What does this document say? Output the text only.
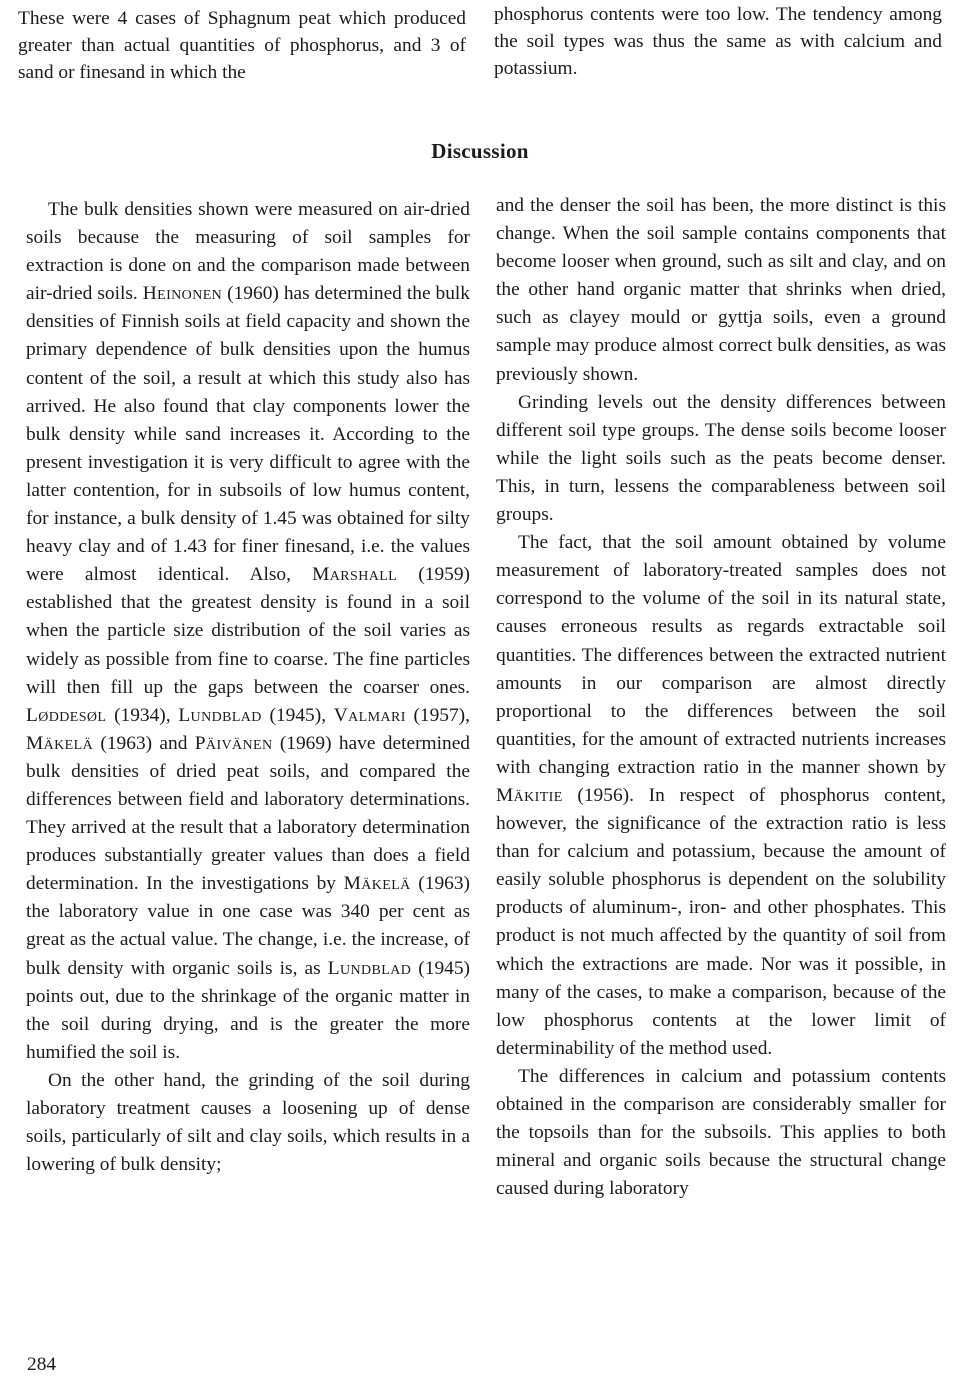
These were 4 cases of Sphagnum peat which produced greater than actual quantities of phosphorus, and 3 of sand or finesand in which the

phosphorus contents were too low. The tendency among the soil types was thus the same as with calcium and potassium.

Discussion

The bulk densities shown were measured on air-dried soils because the measuring of soil samples for extraction is done on and the comparison made between air-dried soils. Heinonen (1960) has determined the bulk densities of Finnish soils at field capacity and shown the primary dependence of bulk densities upon the humus content of the soil, a result at which this study also has arrived. He also found that clay components lower the bulk density while sand increases it. According to the present investigation it is very difficult to agree with the latter contention, for in subsoils of low humus content, for instance, a bulk density of 1.45 was obtained for silty heavy clay and of 1.43 for finer finesand, i.e. the values were almost identical. Also, Marshall (1959) established that the greatest density is found in a soil when the particle size distribution of the soil varies as widely as possible from fine to coarse. The fine particles will then fill up the gaps between the coarser ones. Løddesøl (1934), Lundblad (1945), Valmari (1957), Mäkelä (1963) and Päivänen (1969) have determined bulk densities of dried peat soils, and compared the differences between field and laboratory determinations. They arrived at the result that a laboratory determination produces substantially greater values than does a field determination. In the investigations by Mäkelä (1963) the laboratory value in one case was 340 per cent as great as the actual value. The change, i.e. the increase, of bulk density with organic soils is, as Lundblad (1945) points out, due to the shrinkage of the organic matter in the soil during drying, and is the greater the more humified the soil is.

On the other hand, the grinding of the soil during laboratory treatment causes a loosening up of dense soils, particularly of silt and clay soils, which results in a lowering of bulk density;

and the denser the soil has been, the more distinct is this change. When the soil sample contains components that become looser when ground, such as silt and clay, and on the other hand organic matter that shrinks when dried, such as clayey mould or gyttja soils, even a ground sample may produce almost correct bulk densities, as was previously shown.

Grinding levels out the density differences between different soil type groups. The dense soils become looser while the light soils such as the peats become denser. This, in turn, lessens the comparableness between soil groups.

The fact, that the soil amount obtained by volume measurement of laboratory-treated samples does not correspond to the volume of the soil in its natural state, causes erroneous results as regards extractable soil quantities. The differences between the extracted nutrient amounts in our comparison are almost directly proportional to the differences between the soil quantities, for the amount of extracted nutrients increases with changing extraction ratio in the manner shown by Mäkitie (1956). In respect of phosphorus content, however, the significance of the extraction ratio is less than for calcium and potassium, because the amount of easily soluble phosphorus is dependent on the solubility products of aluminum-, iron- and other phosphates. This product is not much affected by the quantity of soil from which the extractions are made. Nor was it possible, in many of the cases, to make a comparison, because of the low phosphorus contents at the lower limit of determinability of the method used.

The differences in calcium and potassium contents obtained in the comparison are considerably smaller for the topsoils than for the subsoils. This applies to both mineral and organic soils because the structural change caused during laboratory

284
